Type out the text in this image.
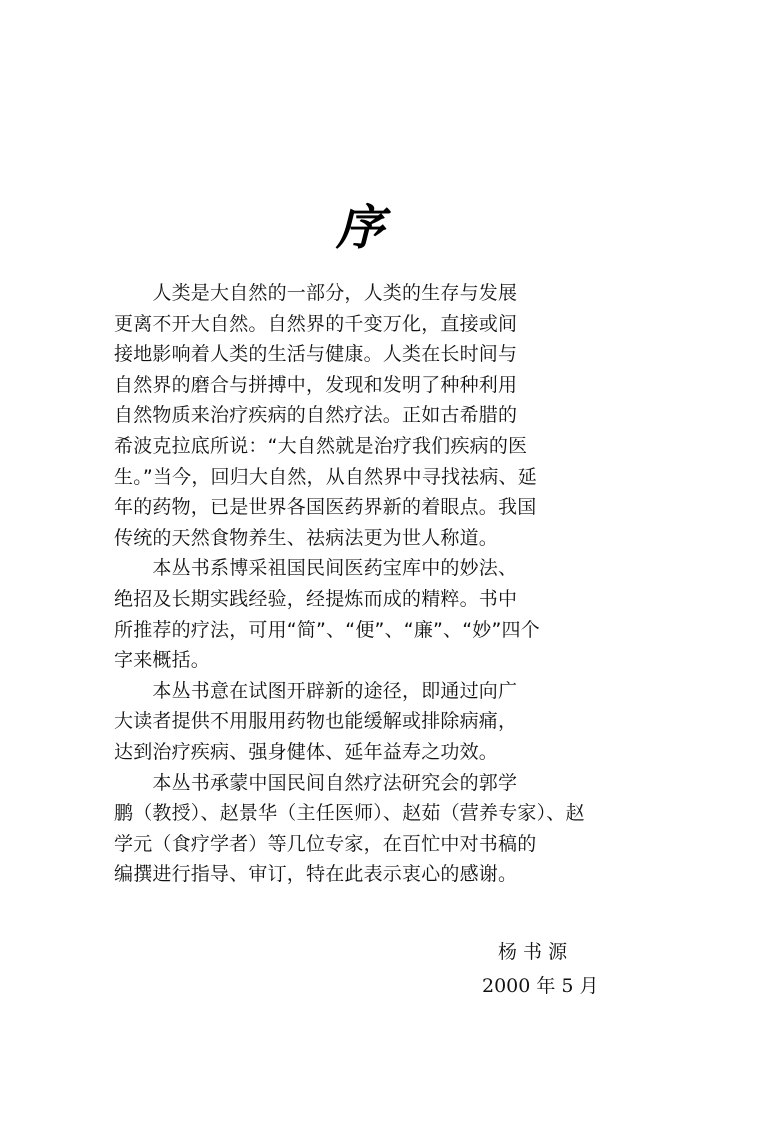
序
　　人类是大自然的一部分，人类的生存与发展
更离不开大自然。自然界的千变万化，直接或间
接地影响着人类的生活与健康。人类在长时间与
自然界的磨合与拼搏中，发现和发明了种种利用
自然物质来治疗疾病的自然疗法。正如古希腊的
希波克拉底所说：“大自然就是治疗我们疾病的医
生。”当今，回归大自然，从自然界中寻找祛病、延
年的药物，已是世界各国医药界新的着眼点。我国
传统的天然食物养生、祛病法更为世人称道。
　　本丛书系博采祖国民间医药宝库中的妙法、
绝招及长期实践经验，经提炼而成的精粹。书中
所推荐的疗法，可用“简”、“便”、“廉”、“妙”四个
字来概括。
　　本丛书意在试图开辟新的途径，即通过向广
大读者提供不用服用药物也能缓解或排除病痛，
达到治疗疾病、强身健体、延年益寿之功效。
　　本丛书承蒙中国民间自然疗法研究会的郭学
鹏（教授）、赵景华（主任医师）、赵茹（营养专家）、赵
学元（食疗学者）等几位专家，在百忙中对书稿的
编撰进行指导、审订，特在此表示衷心的感谢。
杨 书 源
2000 年 5 月
